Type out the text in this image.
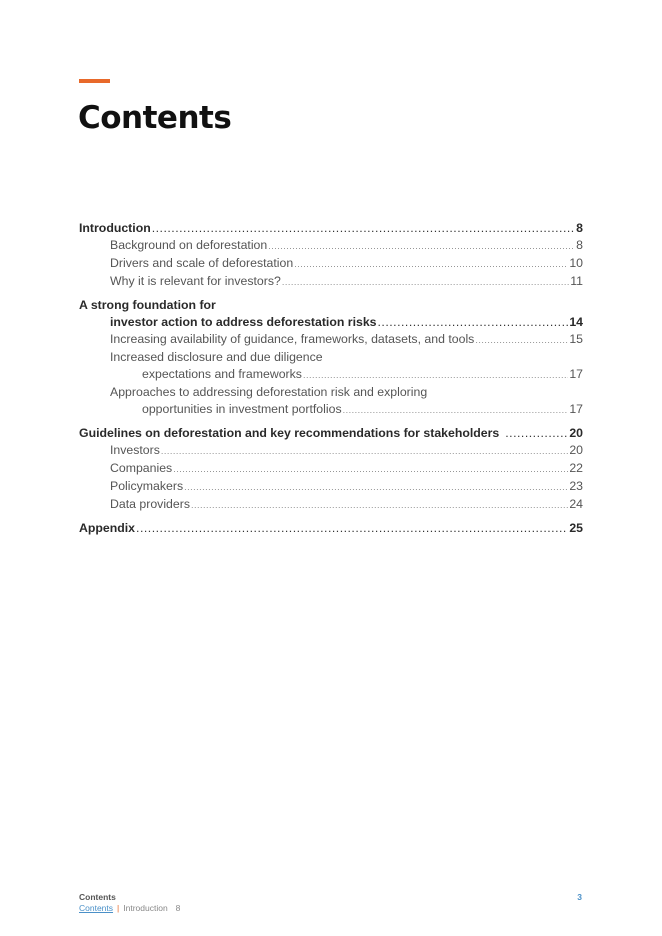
Contents
Introduction .....	8
Background on deforestation .....	8
Drivers and scale of deforestation .....	10
Why it is relevant for investors? .....	11
A strong foundation for
investor action to address deforestation risks .....	14
Increasing availability of guidance, frameworks, datasets, and tools .....	15
Increased disclosure and due diligence
expectations and frameworks .....	17
Approaches to addressing deforestation risk and exploring
opportunities in investment portfolios .....	17
Guidelines on deforestation and key recommendations for stakeholders .....	20
Investors .....	20
Companies .....	22
Policymakers .....	23
Data providers .....	24
Appendix .....	25
Contents
Contents | Introduction 8
3
